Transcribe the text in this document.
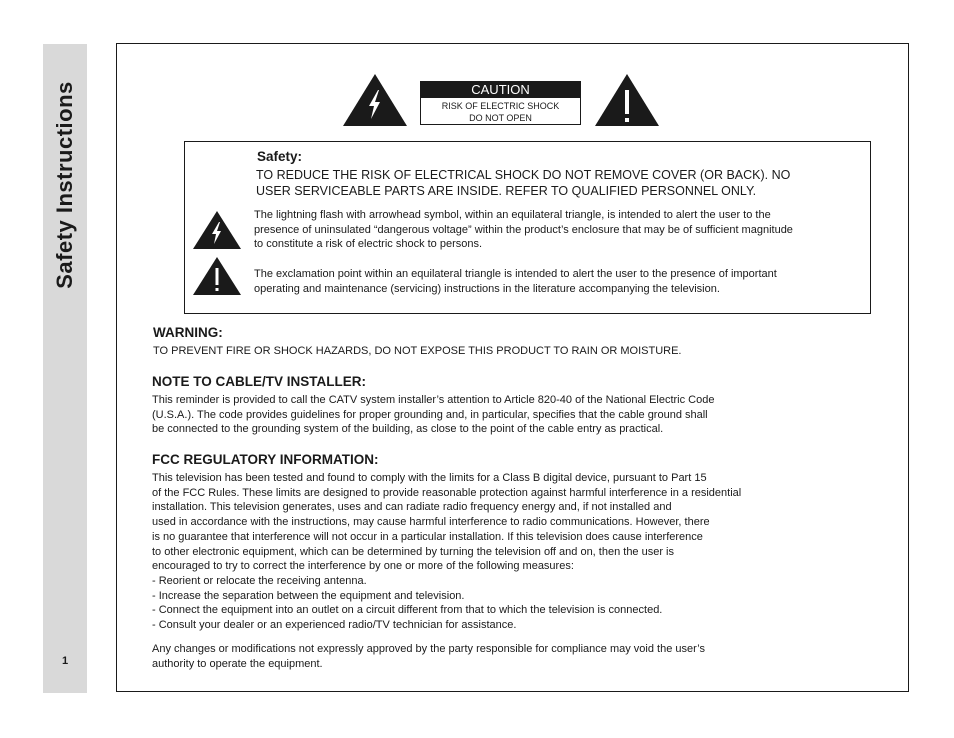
Safety Instructions
1
CAUTION
RISK OF ELECTRIC SHOCK
DO NOT OPEN
Safety:
TO REDUCE THE RISK OF ELECTRICAL SHOCK DO NOT REMOVE COVER (OR BACK). NO
USER SERVICEABLE PARTS ARE INSIDE. REFER TO QUALIFIED PERSONNEL ONLY.
The lightning flash with arrowhead symbol, within an equilateral triangle, is intended to alert the user to the
presence of uninsulated “dangerous voltage” within the product’s enclosure that may be of sufficient magnitude
to constitute a risk of electric shock to persons.
The exclamation point within an equilateral triangle is intended to alert the user to the presence of important
operating and maintenance (servicing) instructions in the literature accompanying the television.
WARNING:
TO PREVENT FIRE OR SHOCK HAZARDS, DO NOT EXPOSE THIS PRODUCT TO RAIN OR MOISTURE.
NOTE TO CABLE/TV INSTALLER:
This reminder is provided to call the CATV system installer’s attention to Article 820-40 of the National Electric Code
(U.S.A.). The code provides guidelines for proper grounding and, in particular, specifies that the cable ground shall
be connected to the grounding system of the building, as close to the point of the cable entry as practical.
FCC REGULATORY INFORMATION:
This television has been tested and found to comply with the limits for a Class B digital device, pursuant to Part 15
of the FCC Rules. These limits are designed to provide reasonable protection against harmful interference in a residential
installation. This television generates, uses and can radiate radio frequency energy and, if not installed and
used in accordance with the instructions, may cause harmful interference to radio communications. However, there
is no guarantee that interference will not occur in a particular installation. If this television does cause interference
to other electronic equipment, which can be determined by turning the television off and on, then the user is
encouraged to try to correct the interference by one or more of the following measures:
- Reorient or relocate the receiving antenna.
- Increase the separation between the equipment and television.
- Connect the equipment into an outlet on a circuit different from that to which the television is connected.
- Consult your dealer or an experienced radio/TV technician for assistance.
Any changes or modifications not expressly approved by the party responsible for compliance may void the user’s
authority to operate the equipment.
